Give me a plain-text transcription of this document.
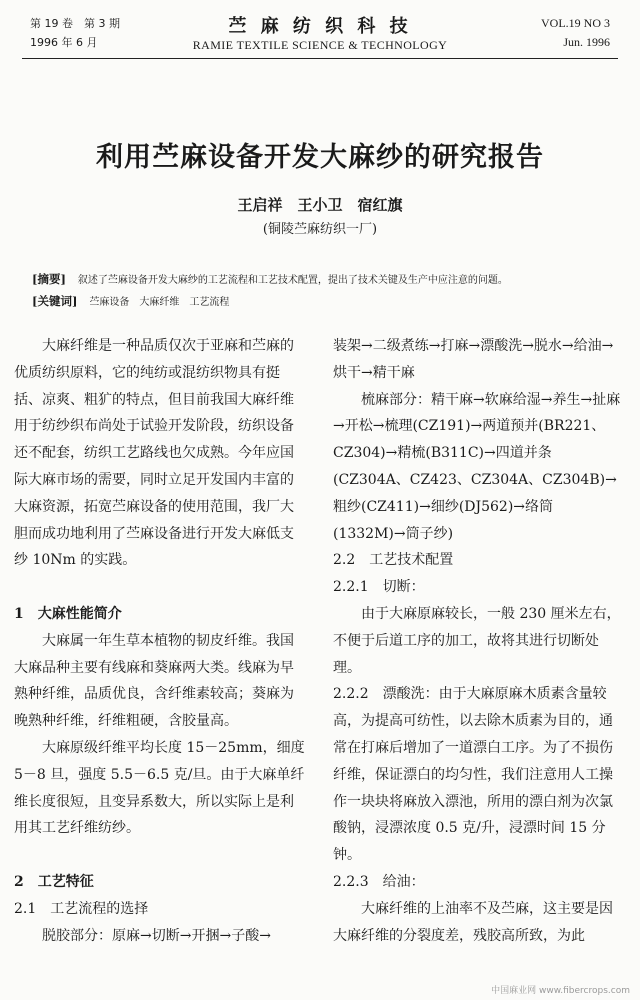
第 19 卷　第 3 期
1996 年 6 月
苎 麻 纺 织 科 技
RAMIE TEXTILE SCIENCE & TECHNOLOGY
VOL.19 NO 3
Jun. 1996
利用苎麻设备开发大麻纱的研究报告
王启祥　王小卫　宿红旗
(铜陵苎麻纺织一厂)
[摘要] 叙述了苎麻设备开发大麻纱的工艺流程和工艺技术配置，提出了技术关键及生产中应注意的问题。
[关键词] 苎麻设备　大麻纤维　工艺流程

大麻纤维是一种品质仅次于亚麻和苎麻的优质纺织原料，它的纯纺或混纺织物具有挺括、凉爽、粗犷的特点，但目前我国大麻纤维用于纺纱织布尚处于试验开发阶段，纺织设备还不配套，纺织工艺路线也欠成熟。今年应国际大麻市场的需要，同时立足开发国内丰富的大麻资源，拓宽苎麻设备的使用范围，我厂大胆而成功地利用了苎麻设备进行开发大麻低支纱 10Nm 的实践。

1　大麻性能简介

大麻属一年生草本植物的韧皮纤维。我国大麻品种主要有线麻和葵麻两大类。线麻为早熟种纤维，品质优良，含纤维素较高；葵麻为晚熟种纤维，纤维粗硬，含胶量高。

大麻原级纤维平均长度 15－25mm，细度 5－8 旦，强度 5.5－6.5 克/旦。由于大麻单纤维长度很短，且变异系数大，所以实际上是利用其工艺纤维纺纱。

2　工艺特征

2.1　工艺流程的选择

脱胶部分：原麻→切断→开捆→子酸→

装架→二级煮练→打麻→漂酸洗→脱水→给油→烘干→精干麻

梳麻部分：精干麻→软麻给湿→养生→扯麻→开松→梳理(CZ191)→两道预并(BR221、CZ304)→精梳(B311C)→四道并条(CZ304A、CZ423、CZ304A、CZ304B)→粗纱(CZ411)→细纱(DJ562)→络筒(1332M)→筒子纱)

2.2　工艺技术配置

2.2.1　切断：

由于大麻原麻较长，一般 230 厘米左右，不便于后道工序的加工，故将其进行切断处理。

2.2.2　漂酸洗：由于大麻原麻木质素含量较高，为提高可纺性，以去除木质素为目的，通常在打麻后增加了一道漂白工序。为了不损伤纤维，保证漂白的均匀性，我们注意用人工操作一块块将麻放入漂池，所用的漂白剂为次氯酸钠，浸漂浓度 0.5 克/升，浸漂时间 15 分钟。

2.2.3　给油：

大麻纤维的上油率不及苎麻，这主要是因大麻纤维的分裂度差，残胶高所致，为此

中国麻业网 www.fibercrops.com
